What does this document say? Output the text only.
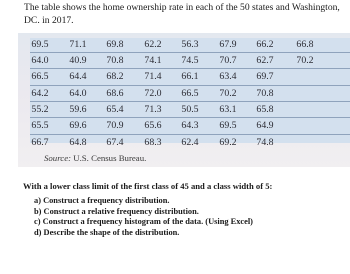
The table shows the home ownership rate in each of the 50 states and Washington,
DC. in 2017.
69.5	71.1	69.8	62.2	56.3	67.9	66.2	66.8
64.0	40.9	70.8	74.1	74.5	70.7	62.7	70.2
66.5	64.4	68.2	71.4	66.1	63.4	69.7
64.2	64.0	68.6	72.0	66.5	70.2	70.8
55.2	59.6	65.4	71.3	50.5	63.1	65.8
65.5	69.6	70.9	65.6	64.3	69.5	64.9
66.7	64.8	67.4	68.3	62.4	69.2	74.8
Source: U.S. Census Bureau.
With a lower class limit of the first class of 45 and a class width of 5:
a) Construct a frequency distribution.
b) Construct a relative frequency distribution.
c) Construct a frequency histogram of the data. (Using Excel)
d) Describe the shape of the distribution.
